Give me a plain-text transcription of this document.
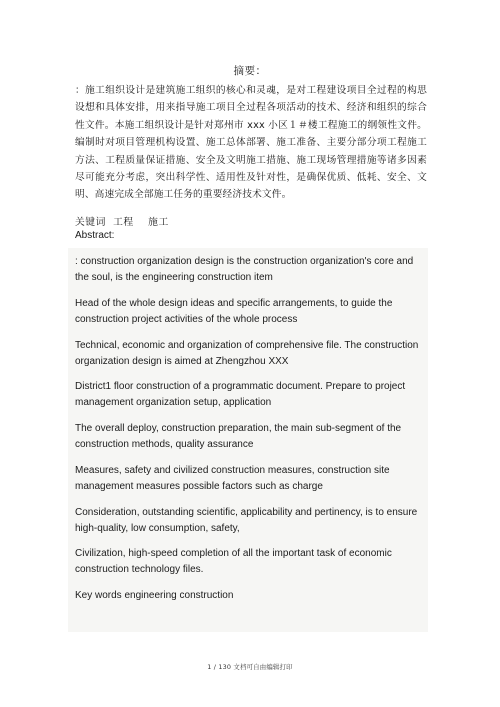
摘要：

：施工组织设计是建筑施工组织的核心和灵魂，是对工程建设项目全过程的构思设想和具体安排，用来指导施工项目全过程各项活动的技术、经济和组织的综合性文件。本施工组织设计是针对郑州市 xxx 小区１＃楼工程施工的纲领性文件。编制时对项目管理机构设置、施工总体部署、施工准备、主要分部分项工程施工方法、工程质量保证措施、安全及文明施工措施、施工现场管理措施等诸多因素尽可能充分考虑，突出科学性、适用性及针对性，是确保优质、低耗、安全、文明、高速完成全部施工任务的重要经济技术文件。

关键词  工程    施工
Abstract:

: construction organization design is the construction organization's core and the soul, is the engineering construction item

Head of the whole design ideas and specific arrangements, to guide the construction project activities of the whole process

Technical, economic and organization of comprehensive file. The construction organization design is aimed at Zhengzhou XXX

District1 floor construction of a programmatic document. Prepare to project management organization setup, application

The overall deploy, construction preparation, the main sub-segment of the construction methods, quality assurance

Measures, safety and civilized construction measures, construction site management measures possible factors such as charge

Consideration, outstanding scientific, applicability and pertinency, is to ensure high-quality, low consumption, safety,

Civilization, high-speed completion of all the important task of economic construction technology files.

Key words engineering construction

1 / 130 文档可自由编辑打印
